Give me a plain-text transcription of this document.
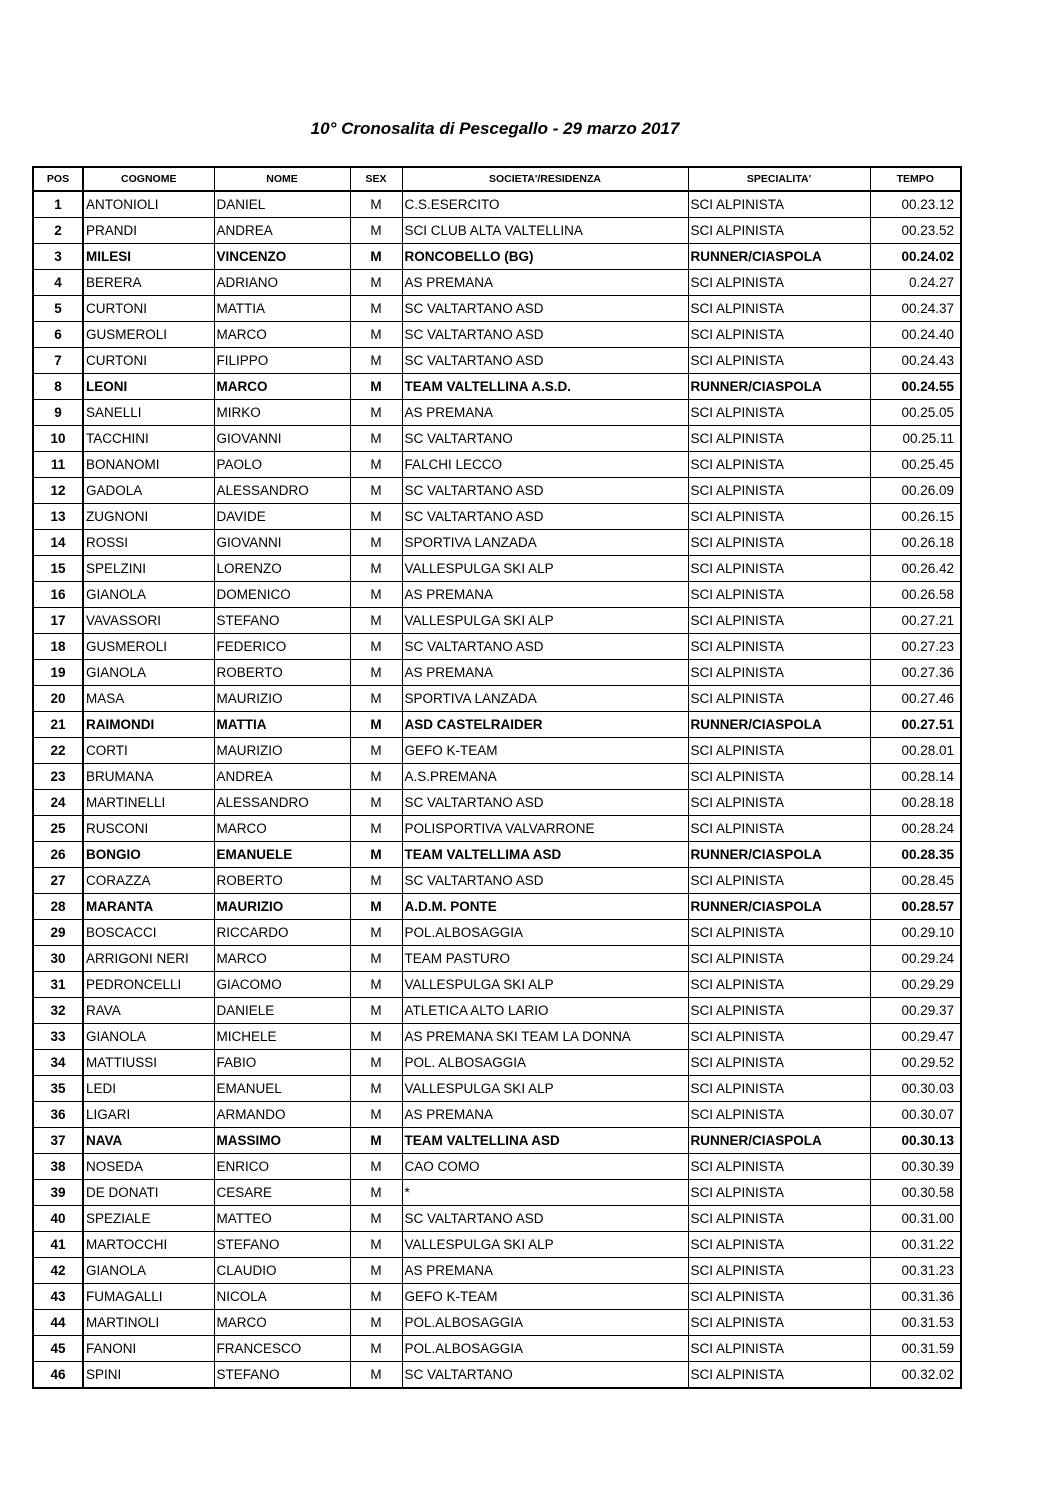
10° Cronosalita di Pescegallo - 29 marzo 2017
POS	COGNOME	NOME	SEX	SOCIETA'/RESIDENZA	SPECIALITA'	TEMPO
1	ANTONIOLI	DANIEL	M	C.S.ESERCITO	SCI ALPINISTA	00.23.12
2	PRANDI	ANDREA	M	SCI CLUB ALTA VALTELLINA	SCI ALPINISTA	00.23.52
3	MILESI	VINCENZO	M	RONCOBELLO (BG)	RUNNER/CIASPOLA	00.24.02
4	BERERA	ADRIANO	M	AS PREMANA	SCI ALPINISTA	0.24.27
5	CURTONI	MATTIA	M	SC VALTARTANO ASD	SCI ALPINISTA	00.24.37
6	GUSMEROLI	MARCO	M	SC VALTARTANO ASD	SCI ALPINISTA	00.24.40
7	CURTONI	FILIPPO	M	SC VALTARTANO ASD	SCI ALPINISTA	00.24.43
8	LEONI	MARCO	M	TEAM VALTELLINA A.S.D.	RUNNER/CIASPOLA	00.24.55
9	SANELLI	MIRKO	M	AS PREMANA	SCI ALPINISTA	00.25.05
10	TACCHINI	GIOVANNI	M	SC VALTARTANO	SCI ALPINISTA	00.25.11
11	BONANOMI	PAOLO	M	FALCHI LECCO	SCI ALPINISTA	00.25.45
12	GADOLA	ALESSANDRO	M	SC VALTARTANO ASD	SCI ALPINISTA	00.26.09
13	ZUGNONI	DAVIDE	M	SC VALTARTANO ASD	SCI ALPINISTA	00.26.15
14	ROSSI	GIOVANNI	M	SPORTIVA LANZADA	SCI ALPINISTA	00.26.18
15	SPELZINI	LORENZO	M	VALLESPULGA SKI ALP	SCI ALPINISTA	00.26.42
16	GIANOLA	DOMENICO	M	AS PREMANA	SCI ALPINISTA	00.26.58
17	VAVASSORI	STEFANO	M	VALLESPULGA SKI ALP	SCI ALPINISTA	00.27.21
18	GUSMEROLI	FEDERICO	M	SC VALTARTANO ASD	SCI ALPINISTA	00.27.23
19	GIANOLA	ROBERTO	M	AS PREMANA	SCI ALPINISTA	00.27.36
20	MASA	MAURIZIO	M	SPORTIVA LANZADA	SCI ALPINISTA	00.27.46
21	RAIMONDI	MATTIA	M	ASD CASTELRAIDER	RUNNER/CIASPOLA	00.27.51
22	CORTI	MAURIZIO	M	GEFO K-TEAM	SCI ALPINISTA	00.28.01
23	BRUMANA	ANDREA	M	A.S.PREMANA	SCI ALPINISTA	00.28.14
24	MARTINELLI	ALESSANDRO	M	SC VALTARTANO ASD	SCI ALPINISTA	00.28.18
25	RUSCONI	MARCO	M	POLISPORTIVA VALVARRONE	SCI ALPINISTA	00.28.24
26	BONGIO	EMANUELE	M	TEAM VALTELLIMA ASD	RUNNER/CIASPOLA	00.28.35
27	CORAZZA	ROBERTO	M	SC VALTARTANO ASD	SCI ALPINISTA	00.28.45
28	MARANTA	MAURIZIO	M	A.D.M. PONTE	RUNNER/CIASPOLA	00.28.57
29	BOSCACCI	RICCARDO	M	POL.ALBOSAGGIA	SCI ALPINISTA	00.29.10
30	ARRIGONI NERI	MARCO	M	TEAM PASTURO	SCI ALPINISTA	00.29.24
31	PEDRONCELLI	GIACOMO	M	VALLESPULGA SKI ALP	SCI ALPINISTA	00.29.29
32	RAVA	DANIELE	M	ATLETICA ALTO LARIO	SCI ALPINISTA	00.29.37
33	GIANOLA	MICHELE	M	AS PREMANA SKI TEAM LA DONNA	SCI ALPINISTA	00.29.47
34	MATTIUSSI	FABIO	M	POL. ALBOSAGGIA	SCI ALPINISTA	00.29.52
35	LEDI	EMANUEL	M	VALLESPULGA SKI ALP	SCI ALPINISTA	00.30.03
36	LIGARI	ARMANDO	M	AS PREMANA	SCI ALPINISTA	00.30.07
37	NAVA	MASSIMO	M	TEAM VALTELLINA ASD	RUNNER/CIASPOLA	00.30.13
38	NOSEDA	ENRICO	M	CAO COMO	SCI ALPINISTA	00.30.39
39	DE DONATI	CESARE	M	*	SCI ALPINISTA	00.30.58
40	SPEZIALE	MATTEO	M	SC VALTARTANO ASD	SCI ALPINISTA	00.31.00
41	MARTOCCHI	STEFANO	M	VALLESPULGA SKI ALP	SCI ALPINISTA	00.31.22
42	GIANOLA	CLAUDIO	M	AS PREMANA	SCI ALPINISTA	00.31.23
43	FUMAGALLI	NICOLA	M	GEFO K-TEAM	SCI ALPINISTA	00.31.36
44	MARTINOLI	MARCO	M	POL.ALBOSAGGIA	SCI ALPINISTA	00.31.53
45	FANONI	FRANCESCO	M	POL.ALBOSAGGIA	SCI ALPINISTA	00.31.59
46	SPINI	STEFANO	M	SC VALTARTANO	SCI ALPINISTA	00.32.02
